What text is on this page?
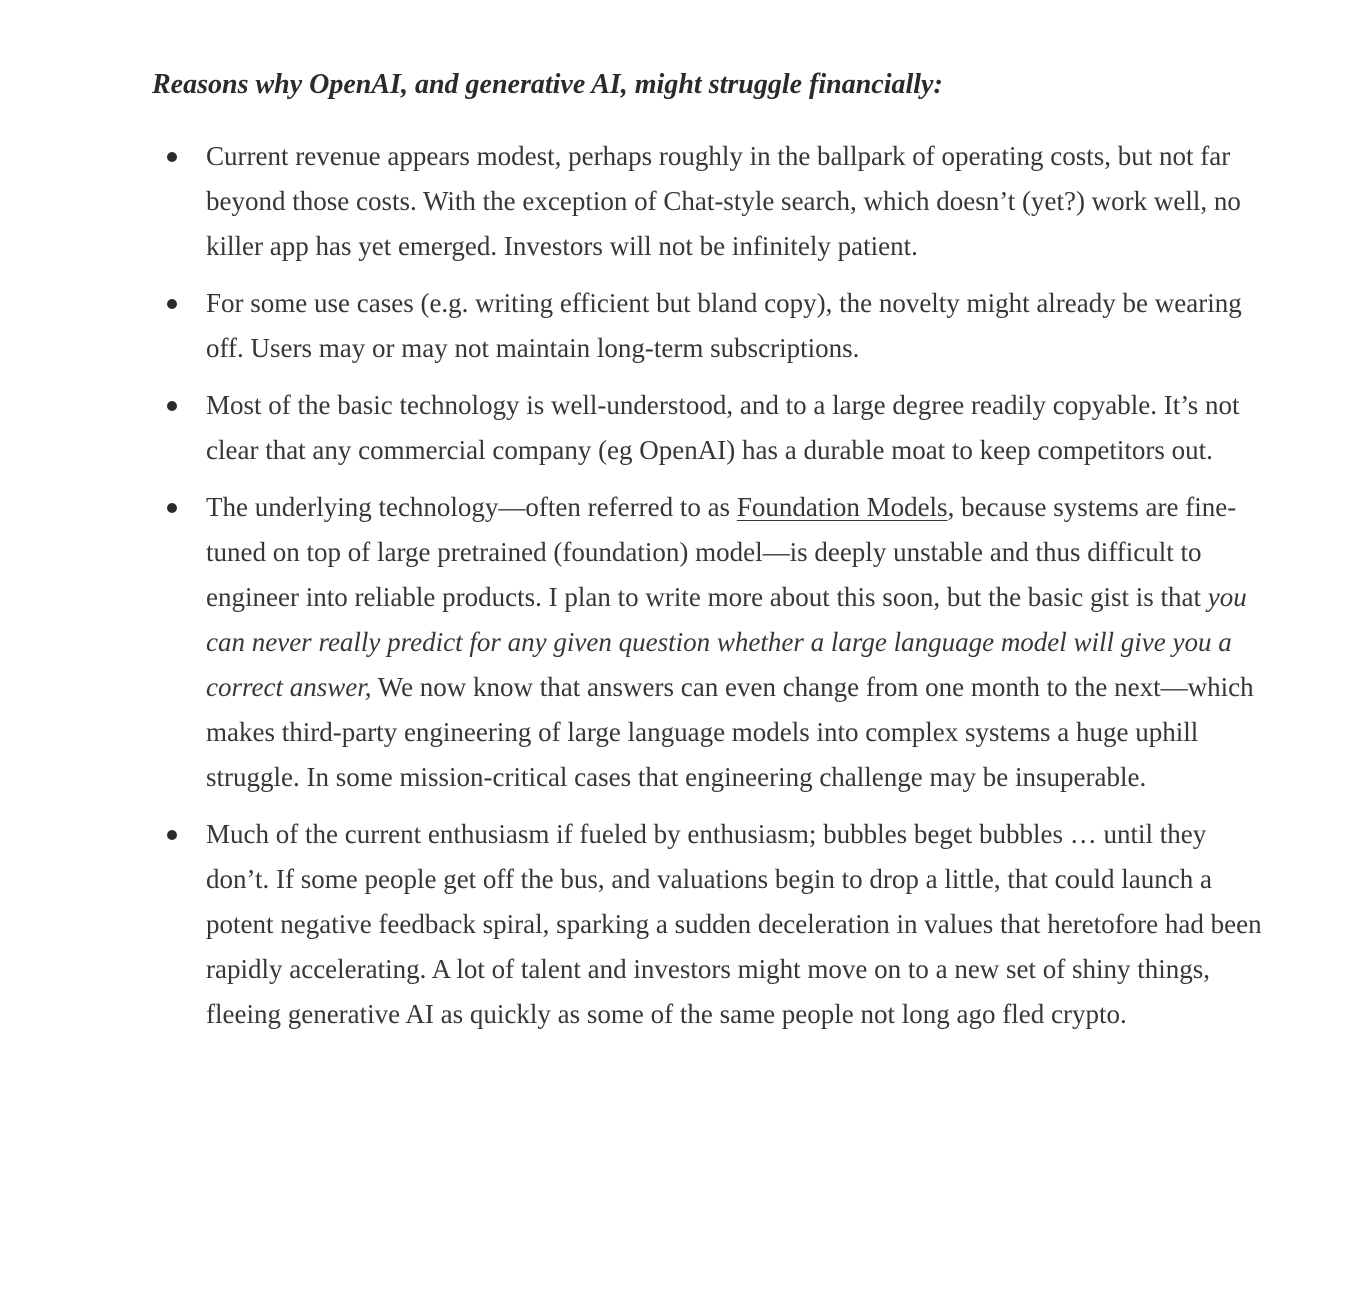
Reasons why OpenAI, and generative AI, might struggle financially:

Current revenue appears modest, perhaps roughly in the ballpark of operating costs, but not far beyond those costs. With the exception of Chat-style search, which doesn’t (yet?) work well, no killer app has yet emerged. Investors will not be infinitely patient.
For some use cases (e.g. writing efficient but bland copy), the novelty might already be wearing off. Users may or may not maintain long-term subscriptions.
Most of the basic technology is well-understood, and to a large degree readily copyable. It’s not clear that any commercial company (eg OpenAI) has a durable moat to keep competitors out.
The underlying technology—often referred to as Foundation Models, because systems are fine-tuned on top of large pretrained (foundation) model—is deeply unstable and thus difficult to engineer into reliable products. I plan to write more about this soon, but the basic gist is that you can never really predict for any given question whether a large language model will give you a correct answer, We now know that answers can even change from one month to the next—which makes third-party engineering of large language models into complex systems a huge uphill struggle. In some mission-critical cases that engineering challenge may be insuperable.
Much of the current enthusiasm if fueled by enthusiasm; bubbles beget bubbles … until they don’t. If some people get off the bus, and valuations begin to drop a little, that could launch a potent negative feedback spiral, sparking a sudden deceleration in values that heretofore had been rapidly accelerating. A lot of talent and investors might move on to a new set of shiny things, fleeing generative AI as quickly as some of the same people not long ago fled crypto.
